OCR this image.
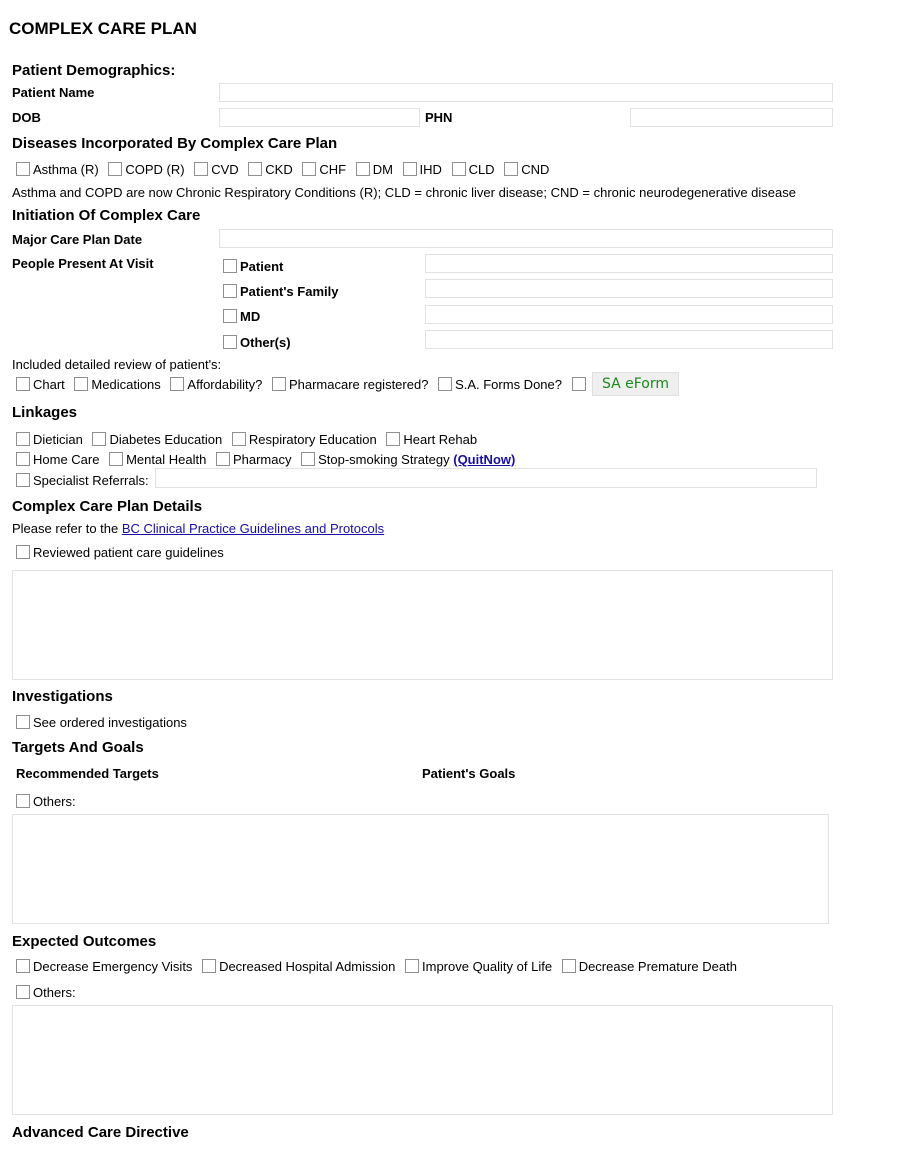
COMPLEX CARE PLAN
Patient Demographics:
Patient Name
DOB	PHN
Diseases Incorporated By Complex Care Plan
Asthma (R) COPD (R) CVD CKD CHF DM IHD CLD CND
Asthma and COPD are now Chronic Respiratory Conditions (R); CLD = chronic liver disease; CND = chronic neurodegenerative disease
Initiation Of Complex Care
Major Care Plan Date
People Present At Visit	Patient
Patient's Family
MD
Other(s)
Included detailed review of patient's:
Chart Medications Affordability? Pharmacare registered? S.A. Forms Done?	SA eForm
Linkages
Dietician Diabetes Education Respiratory Education Heart Rehab
Home Care Mental Health Pharmacy Stop-smoking Strategy (QuitNow)
Specialist Referrals:
Complex Care Plan Details
Please refer to the BC Clinical Practice Guidelines and Protocols
Reviewed patient care guidelines
Investigations
See ordered investigations
Targets And Goals
Recommended Targets	Patient's Goals
Others:
Expected Outcomes
Decrease Emergency Visits Decreased Hospital Admission Improve Quality of Life Decrease Premature Death
Others:
Advanced Care Directive
